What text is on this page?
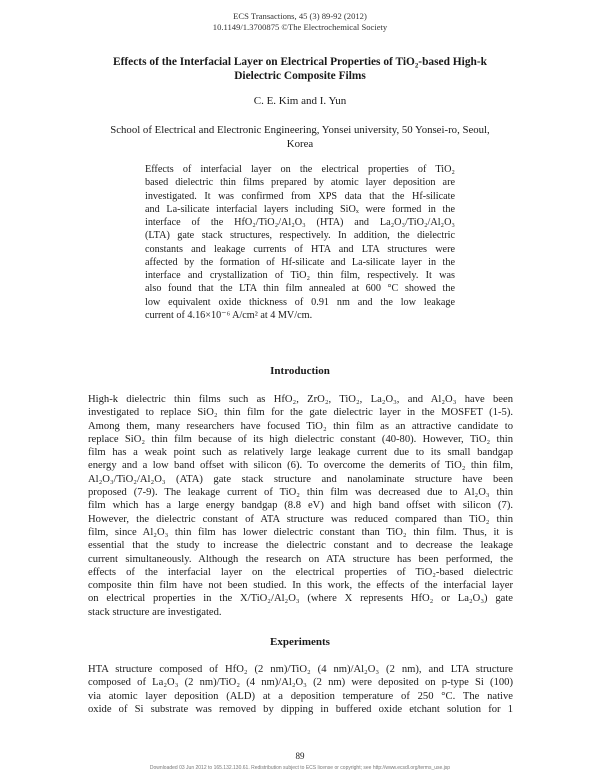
ECS Transactions, 45 (3) 89-92 (2012)
10.1149/1.3700875 ©The Electrochemical Society
Effects of the Interfacial Layer on Electrical Properties of TiO₂-based High-k
Dielectric Composite Films
C. E. Kim and I. Yun
School of Electrical and Electronic Engineering, Yonsei university, 50 Yonsei-ro, Seoul,
Korea
Effects of interfacial layer on the electrical properties of TiO₂
based dielectric thin films prepared by atomic layer deposition are
investigated. It was confirmed from XPS data that the Hf-silicate
and La-silicate interfacial layers including SiOₓ were formed in the
interface of the HfO₂/TiO₂/Al₂O₃ (HTA) and La₂O₃/TiO₂/Al₂O₃
(LTA) gate stack structures, respectively. In addition, the dielectric
constants and leakage currents of HTA and LTA structures were
affected by the formation of Hf-silicate and La-silicate layer in the
interface and crystallization of TiO₂ thin film, respectively. It was
also found that the LTA thin film annealed at 600 °C showed the
low equivalent oxide thickness of 0.91 nm and the low leakage
current of 4.16×10⁻⁶ A/cm² at 4 MV/cm.
Introduction
High-k dielectric thin films such as HfO₂, ZrO₂, TiO₂, La₂O₃, and Al₂O₃ have been
investigated to replace SiO₂ thin film for the gate dielectric layer in the MOSFET (1-5).
Among them, many researchers have focused TiO₂ thin film as an attractive candidate to
replace SiO₂ thin film because of its high dielectric constant (40-80). However, TiO₂ thin
film has a weak point such as relatively large leakage current due to its small bandgap
energy and a low band offset with silicon (6). To overcome the demerits of TiO₂ thin film,
Al₂O₃/TiO₂/Al₂O₃ (ATA) gate stack structure and nanolaminate structure have been
proposed (7-9). The leakage current of TiO₂ thin film was decreased due to Al₂O₃ thin
film which has a large energy bandgap (8.8 eV) and high band offset with silicon (7).
However, the dielectric constant of ATA structure was reduced compared than TiO₂ thin
film, since Al₂O₃ thin film has lower dielectric constant than TiO₂ thin film. Thus, it is
essential that the study to increase the dielectric constant and to decrease the leakage
current simultaneously. Although the research on ATA structure has been performed, the
effects of the interfacial layer on the electrical properties of TiO₂-based dielectric
composite thin film have not been studied. In this work, the effects of the interfacial layer
on electrical properties in the X/TiO₂/Al₂O₃ (where X represents HfO₂ or La₂O₃) gate
stack structure are investigated.
Experiments
HTA structure composed of HfO₂ (2 nm)/TiO₂ (4 nm)/Al₂O₃ (2 nm), and LTA structure
composed of La₂O₃ (2 nm)/TiO₂ (4 nm)/Al₂O₃ (2 nm) were deposited on p-type Si (100)
via atomic layer deposition (ALD) at a deposition temperature of 250 °C. The native
oxide of Si substrate was removed by dipping in buffered oxide etchant solution for 1
89
Downloaded 03 Jun 2012 to 165.132.130.61. Redistribution subject to ECS license or copyright; see http://www.ecsdl.org/terms_use.jsp
